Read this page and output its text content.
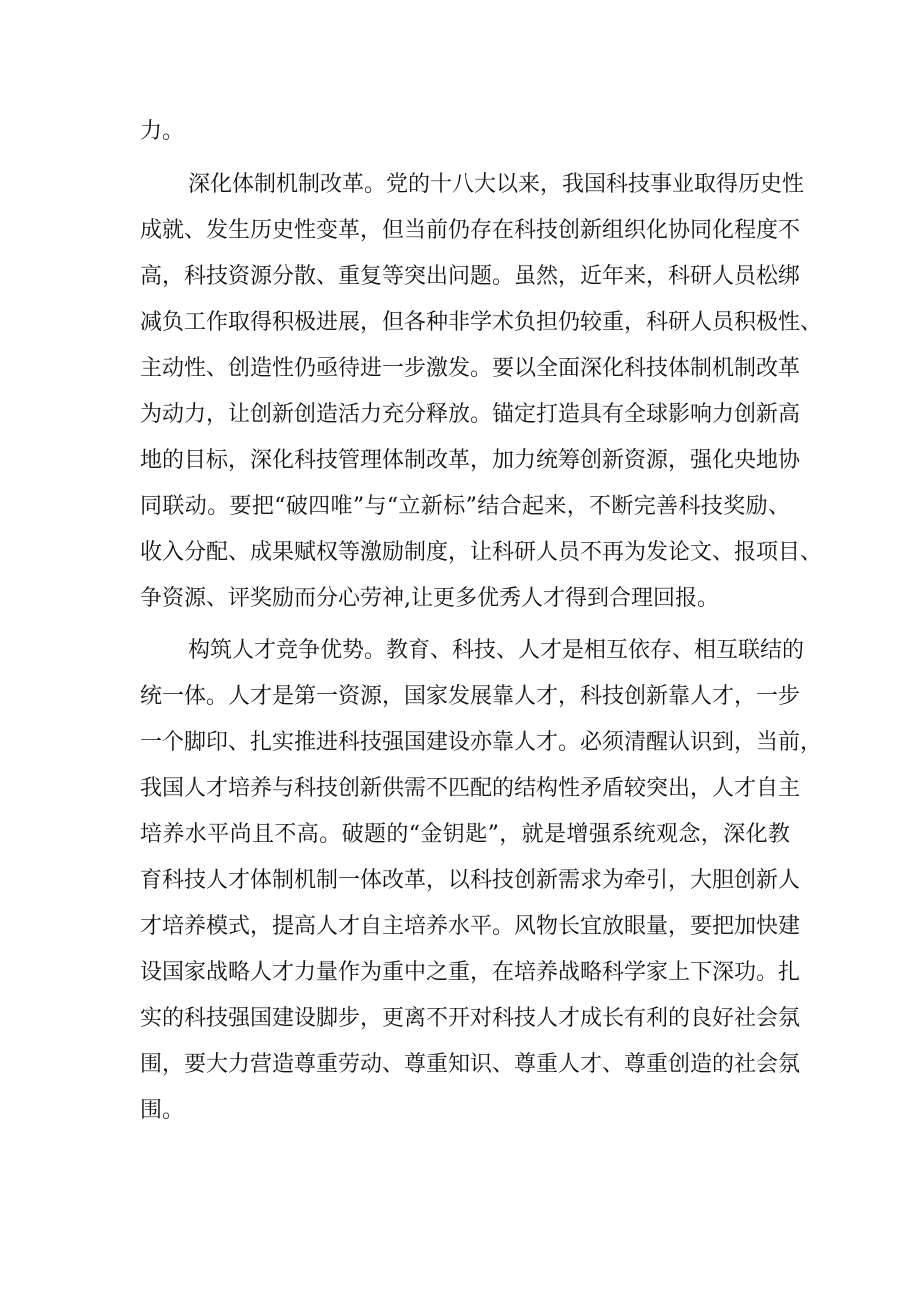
力。
深化体制机制改革。党的十八大以来，我国科技事业取得历史性
成就、发生历史性变革，但当前仍存在科技创新组织化协同化程度不
高，科技资源分散、重复等突出问题。虽然，近年来，科研人员松绑
减负工作取得积极进展，但各种非学术负担仍较重，科研人员积极性、
主动性、创造性仍亟待进一步激发。要以全面深化科技体制机制改革
为动力，让创新创造活力充分释放。锚定打造具有全球影响力创新高
地的目标，深化科技管理体制改革，加力统筹创新资源，强化央地协
同联动。要把“破四唯”与“立新标”结合起来，不断完善科技奖励、
收入分配、成果赋权等激励制度，让科研人员不再为发论文、报项目、
争资源、评奖励而分心劳神,让更多优秀人才得到合理回报。
构筑人才竞争优势。教育、科技、人才是相互依存、相互联结的
统一体。人才是第一资源，国家发展靠人才，科技创新靠人才，一步
一个脚印、扎实推进科技强国建设亦靠人才。必须清醒认识到，当前，
我国人才培养与科技创新供需不匹配的结构性矛盾较突出，人才自主
培养水平尚且不高。破题的“金钥匙”，就是增强系统观念，深化教
育科技人才体制机制一体改革，以科技创新需求为牵引，大胆创新人
才培养模式，提高人才自主培养水平。风物长宜放眼量，要把加快建
设国家战略人才力量作为重中之重，在培养战略科学家上下深功。扎
实的科技强国建设脚步，更离不开对科技人才成长有利的良好社会氛
围，要大力营造尊重劳动、尊重知识、尊重人才、尊重创造的社会氛
围。
